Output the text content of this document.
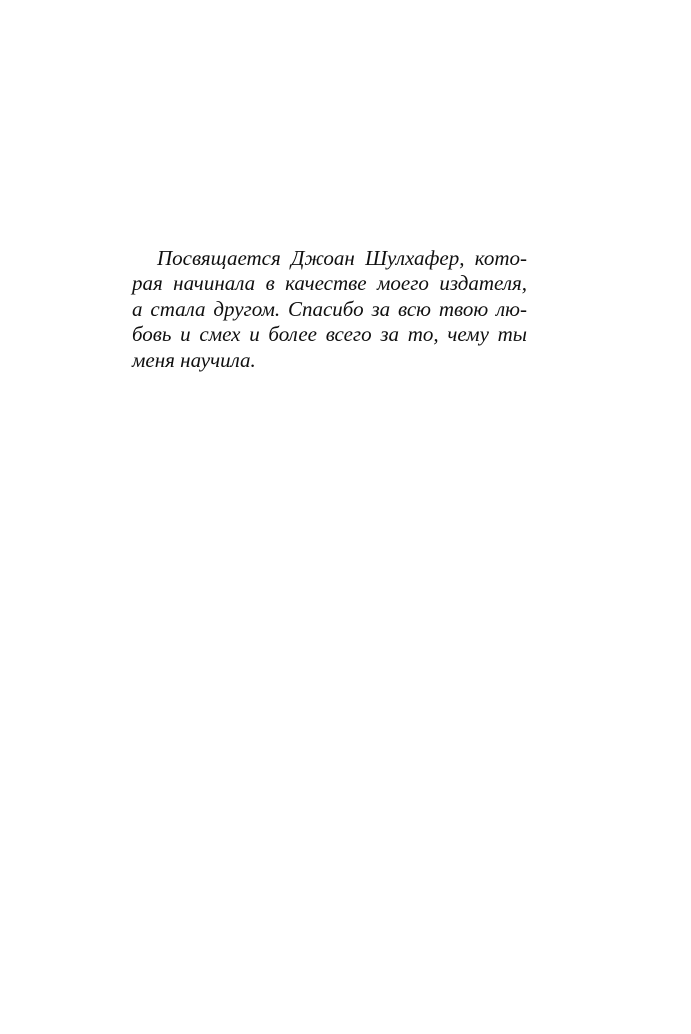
Посвящается Джоан Шулхафер, кото-
рая начинала в качестве моего издателя,
а стала другом. Спасибо за всю твою лю-
бовь и смех и более всего за то, чему ты
меня научила.
